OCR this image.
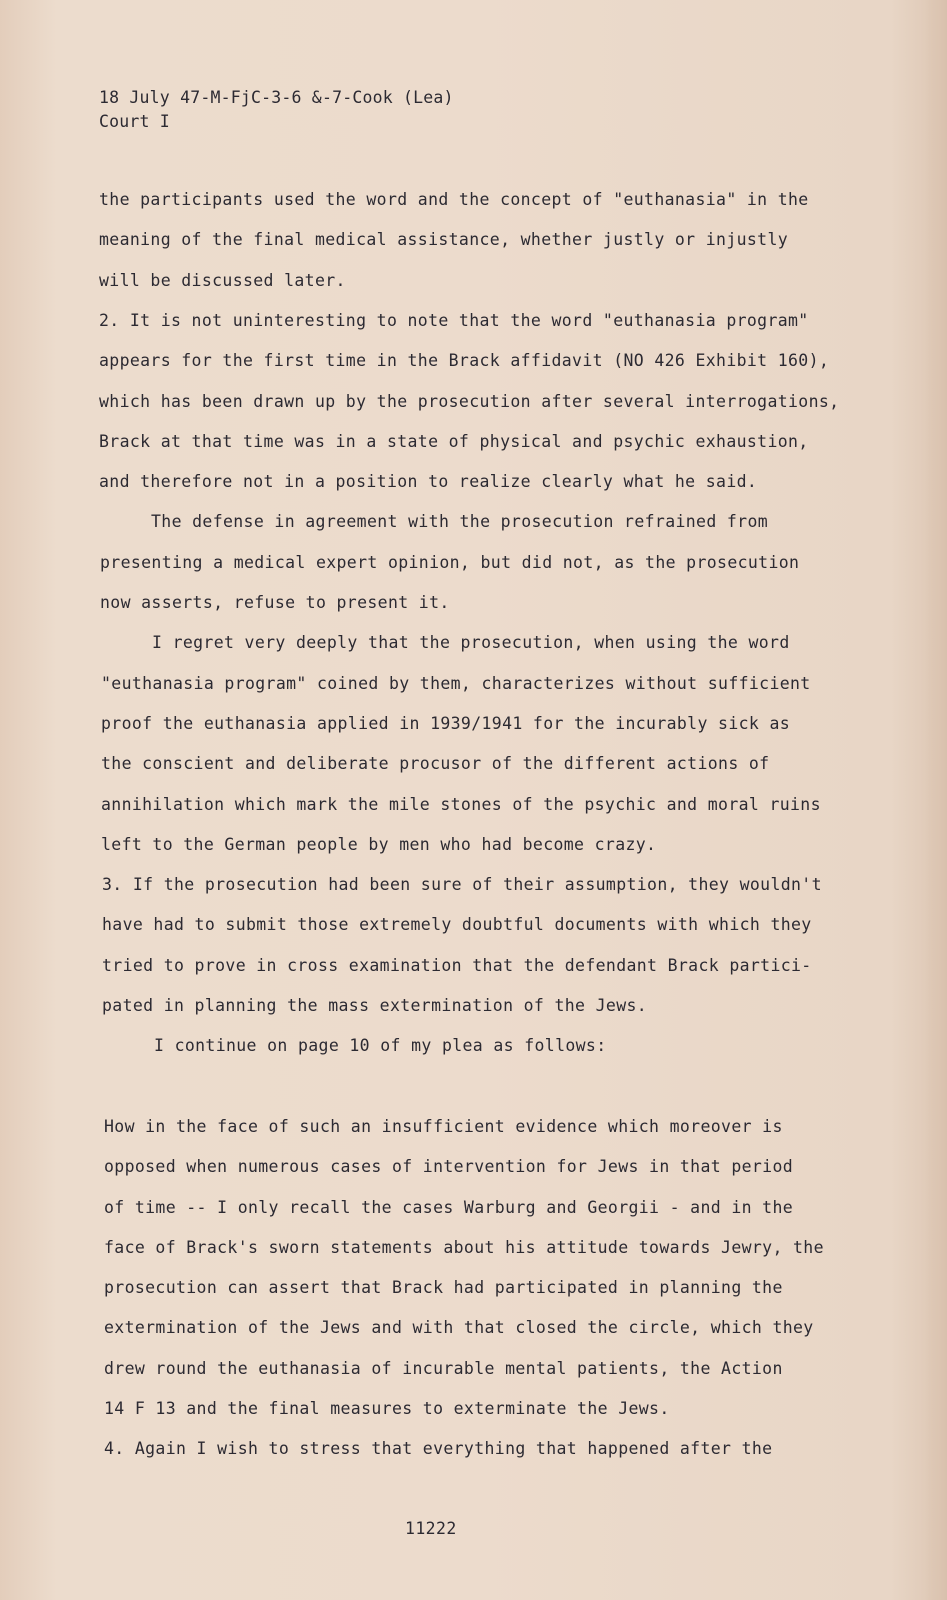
18 July 47-M-FjC-3-6 &-7-Cook (Lea)
Court I
the participants used the word and the concept of "euthanasia" in the
meaning of the final medical assistance, whether justly or injustly
will be discussed later.
2. It is not uninteresting to note that the word "euthanasia program"
appears for the first time in the Brack affidavit (NO 426 Exhibit 160),
which has been drawn up by the prosecution after several interrogations,
Brack at that time was in a state of physical and psychic exhaustion,
and therefore not in a position to realize clearly what he said.
The defense in agreement with the prosecution refrained from
presenting a medical expert opinion, but did not, as the prosecution
now asserts, refuse to present it.
I regret very deeply that the prosecution, when using the word
"euthanasia program" coined by them, characterizes without sufficient
proof the euthanasia applied in 1939/1941 for the incurably sick as
the conscient and deliberate procusor of the different actions of
annihilation which mark the mile stones of the psychic and moral ruins
left to the German people by men who had become crazy.
3. If the prosecution had been sure of their assumption, they wouldn't
have had to submit those extremely doubtful documents with which they
tried to prove in cross examination that the defendant Brack partici-
pated in planning the mass extermination of the Jews.
I continue on page 10 of my plea as follows:
How in the face of such an insufficient evidence which moreover is
opposed when numerous cases of intervention for Jews in that period
of time -- I only recall the cases Warburg and Georgii - and in the
face of Brack's sworn statements about his attitude towards Jewry, the
prosecution can assert that Brack had participated in planning the
extermination of the Jews and with that closed the circle, which they
drew round the euthanasia of incurable mental patients, the Action
14 F 13 and the final measures to exterminate the Jews.
4. Again I wish to stress that everything that happened after the
11222
